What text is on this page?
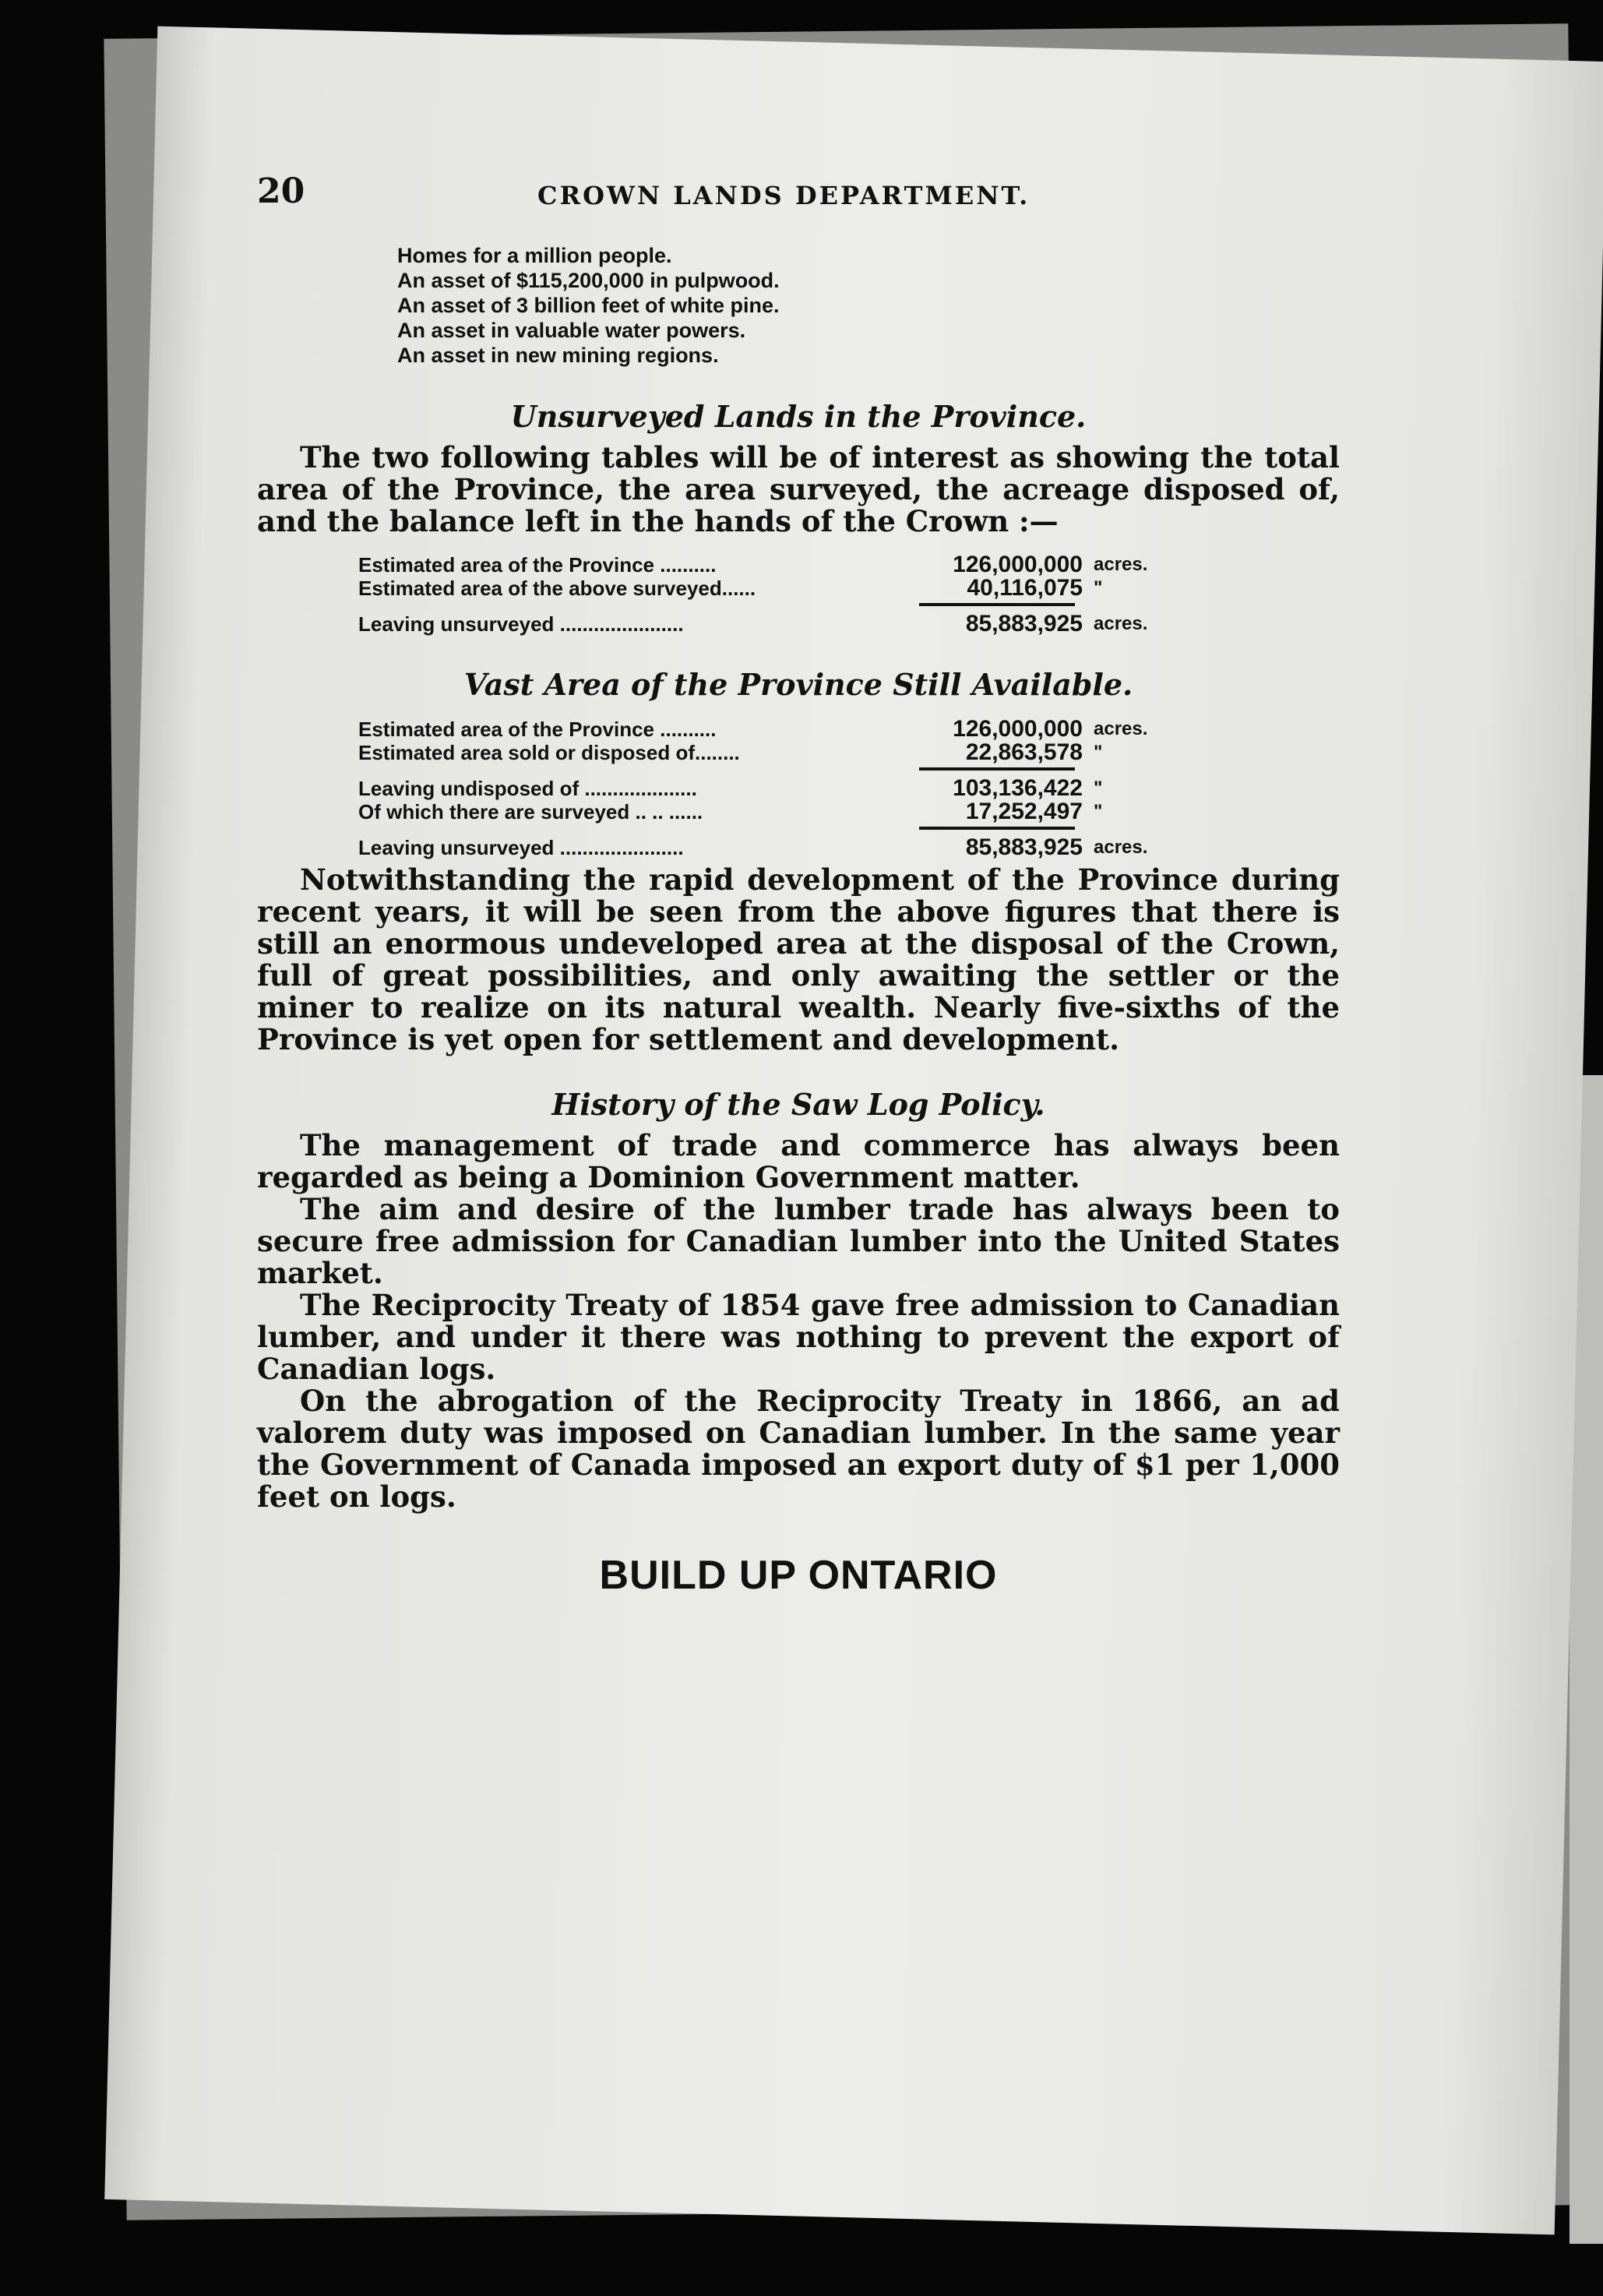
20	CROWN LANDS DEPARTMENT.
Homes for a million people.
An asset of $115,200,000 in pulpwood.
An asset of 3 billion feet of white pine.
An asset in valuable water powers.
An asset in new mining regions.
Unsurveyed Lands in the Province.

The two following tables will be of interest as showing the total area of the Province, the area surveyed, the acreage disposed of, and the balance left in the hands of the Crown :—

Estimated area of the Province ..........	126,000,000 acres.
Estimated area of the above surveyed......	40,116,075 "
Leaving unsurveyed ......................	85,883,925 acres.
Vast Area of the Province Still Available.
Estimated area of the Province ..........	126,000,000 acres.
Estimated area sold or disposed of........	22,863,578 "
Leaving undisposed of ....................	103,136,422 "
Of which there are surveyed .. .. ......	17,252,497 "
Leaving unsurveyed ......................	85,883,925 acres.

Notwithstanding the rapid development of the Province during recent years, it will be seen from the above figures that there is still an enormous undeveloped area at the disposal of the Crown, full of great possibilities, and only awaiting the settler or the miner to realize on its natural wealth. Nearly five-sixths of the Province is yet open for settlement and development.

History of the Saw Log Policy.

The management of trade and commerce has always been regarded as being a Dominion Government matter.

The aim and desire of the lumber trade has always been to secure free admission for Canadian lumber into the United States market.

The Reciprocity Treaty of 1854 gave free admission to Canadian lumber, and under it there was nothing to prevent the export of Canadian logs.

On the abrogation of the Reciprocity Treaty in 1866, an ad valorem duty was imposed on Canadian lumber. In the same year the Government of Canada imposed an export duty of $1 per 1,000 feet on logs.

BUILD UP ONTARIO
